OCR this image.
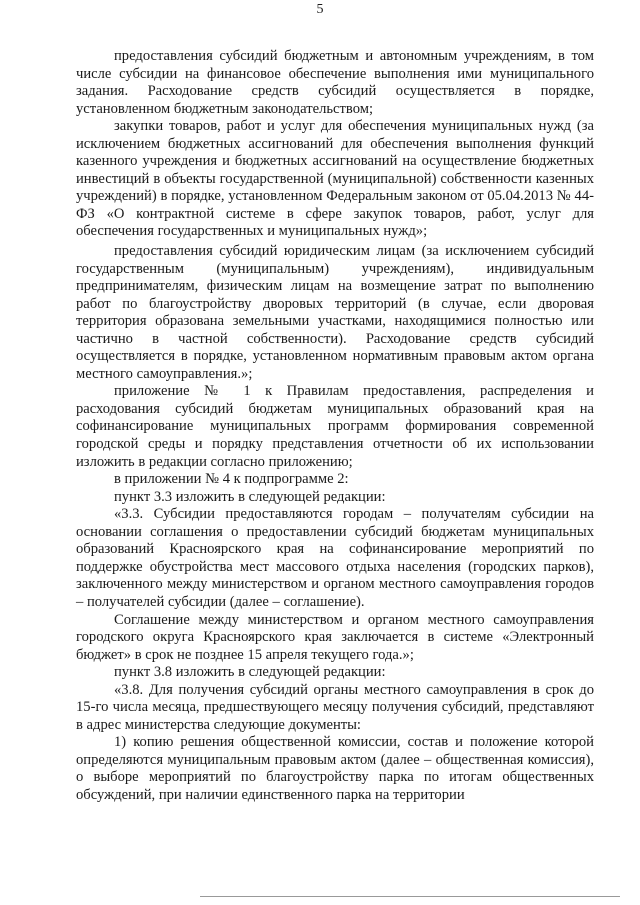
5

предоставления субсидий бюджетным и автономным учреждениям, в том числе субсидии на финансовое обеспечение выполнения ими муниципального задания. Расходование средств субсидий осуществляется в порядке, установленном бюджетным законодательством;

закупки товаров, работ и услуг для обеспечения муниципальных нужд (за исключением бюджетных ассигнований для обеспечения выполнения функций казенного учреждения и бюджетных ассигнований на осуществление бюджетных инвестиций в объекты государственной (муниципальной) собственности казенных учреждений) в порядке, установленном Федеральным законом от 05.04.2013 № 44-ФЗ «О контрактной системе в сфере закупок товаров, работ, услуг для обеспечения государственных и муниципальных нужд»;

предоставления субсидий юридическим лицам (за исключением субсидий государственным (муниципальным) учреждениям), индивидуальным предпринимателям, физическим лицам на возмещение затрат по выполнению работ по благоустройству дворовых территорий (в случае, если дворовая территория образована земельными участками, находящимися полностью или частично в частной собственности). Расходование средств субсидий осуществляется в порядке, установленном нормативным правовым актом органа местного самоуправления.»;

приложение № 1 к Правилам предоставления, распределения и расходования субсидий бюджетам муниципальных образований края на софинансирование муниципальных программ формирования современной городской среды и порядку представления отчетности об их использовании изложить в редакции согласно приложению;

в приложении № 4 к подпрограмме 2:

пункт 3.3 изложить в следующей редакции:

«3.3. Субсидии предоставляются городам – получателям субсидии на основании соглашения о предоставлении субсидий бюджетам муниципальных образований Красноярского края на софинансирование мероприятий по поддержке обустройства мест массового отдыха населения (городских парков), заключенного между министерством и органом местного самоуправления городов – получателей субсидии (далее – соглашение).

Соглашение между министерством и органом местного самоуправления городского округа Красноярского края заключается в системе «Электронный бюджет» в срок не позднее 15 апреля текущего года.»;

пункт 3.8 изложить в следующей редакции:

«3.8. Для получения субсидий органы местного самоуправления в срок до 15-го числа месяца, предшествующего месяцу получения субсидий, представляют в адрес министерства следующие документы:

1) копию решения общественной комиссии, состав и положение которой определяются муниципальным правовым актом (далее – общественная комиссия), о выборе мероприятий по благоустройству парка по итогам общественных обсуждений, при наличии единственного парка на территории
